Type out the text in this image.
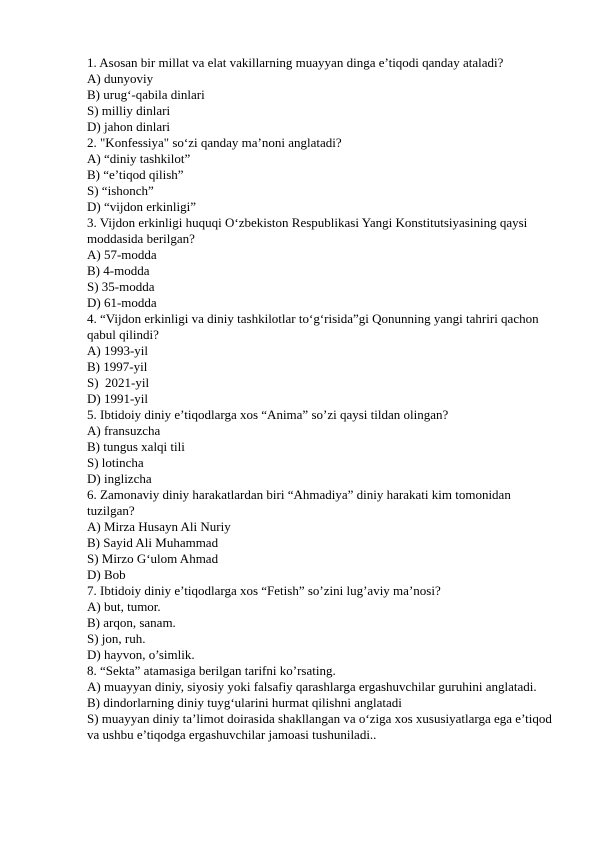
1. Asosan bir millat va elat vakillarning muayyan dinga e’tiqodi qanday ataladi?
A) dunyoviy
B) urug‘-qabila dinlari
S) milliy dinlari
D) jahon dinlari
2. "Konfessiya" so‘zi qanday ma’noni anglatadi?
A) “diniy tashkilot”
B) “e’tiqod qilish”
S) “ishonch”
D) “vijdon erkinligi”
3. Vijdon erkinligi huquqi O‘zbekiston Respublikasi Yangi Konstitutsiyasining qaysi moddasida berilgan?
A) 57-modda
B) 4-modda
S) 35-modda
D) 61-modda
4. “Vijdon erkinligi va diniy tashkilotlar to‘g‘risida”gi Qonunning yangi tahriri qachon qabul qilindi?
A) 1993-yil
B) 1997-yil
S)  2021-yil
D) 1991-yil
5. Ibtidoiy diniy e’tiqodlarga xos “Anima” so’zi qaysi tildan olingan?
A) fransuzcha
B) tungus xalqi tili
S) lotincha
D) inglizcha
6. Zamonaviy diniy harakatlardan biri “Ahmadiya” diniy harakati kim tomonidan tuzilgan?
A) Mirza Husayn Ali Nuriy
B) Sayid Ali Muhammad
S) Mirzo G‘ulom Ahmad
D) Bob
7. Ibtidoiy diniy e’tiqodlarga xos “Fetish” so’zini lug’aviy ma’nosi?
A) but, tumor.
B) arqon, sanam.
S) jon, ruh.
D) hayvon, o’simlik.
8. “Sekta” atamasiga berilgan tarifni ko’rsating.
A) muayyan diniy, siyosiy yoki falsafiy qarashlarga ergashuvchilar guruhini anglatadi.
B) dindorlarning diniy tuyg‘ularini hurmat qilishni anglatadi
S) muayyan diniy ta’limot doirasida shakllangan va o‘ziga xos xususiyatlarga ega e’tiqod va ushbu e’tiqodga ergashuvchilar jamoasi tushuniladi..
